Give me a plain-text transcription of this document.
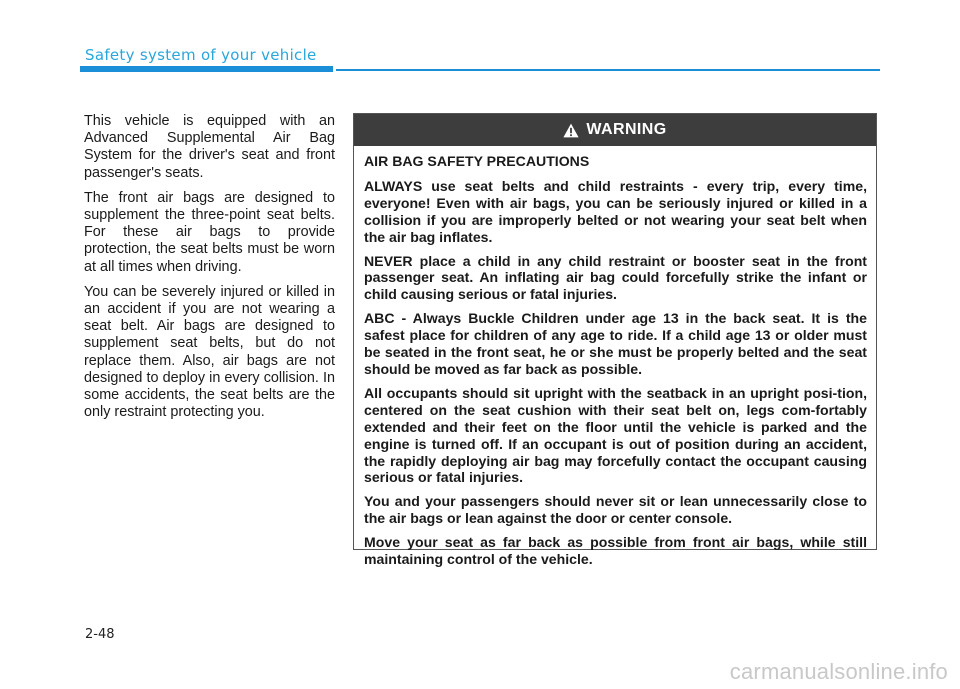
Safety system of your vehicle

This vehicle is equipped with an Advanced Supplemental Air Bag System for the driver's seat and front passenger's seats.

The front air bags are designed to supplement the three-point seat belts. For these air bags to provide protection, the seat belts must be worn at all times when driving.

You can be severely injured or killed in an accident if you are not wearing a seat belt. Air bags are designed to supplement seat belts, but do not replace them. Also, air bags are not designed to deploy in every collision. In some accidents, the seat belts are the only restraint protecting you.

WARNING

AIR BAG SAFETY PRECAUTIONS

ALWAYS use seat belts and child restraints - every trip, every time, everyone! Even with air bags, you can be seriously injured or killed in a collision if you are improperly belted or not wearing your seat belt when the air bag inflates.

NEVER place a child in any child restraint or booster seat in the front passenger seat. An inflating air bag could forcefully strike the infant or child causing serious or fatal injuries.

ABC - Always Buckle Children under age 13 in the back seat. It is the safest place for children of any age to ride. If a child age 13 or older must be seated in the front seat, he or she must be properly belted and the seat should be moved as far back as possible.

All occupants should sit upright with the seatback in an upright posi-tion, centered on the seat cushion with their seat belt on, legs com-fortably extended and their feet on the floor until the vehicle is parked and the engine is turned off. If an occupant is out of position during an accident, the rapidly deploying air bag may forcefully contact the occupant causing serious or fatal injuries.

You and your passengers should never sit or lean unnecessarily close to the air bags or lean against the door or center console.

Move your seat as far back as possible from front air bags, while still maintaining control of the vehicle.

2-48
carmanualsonline.info
